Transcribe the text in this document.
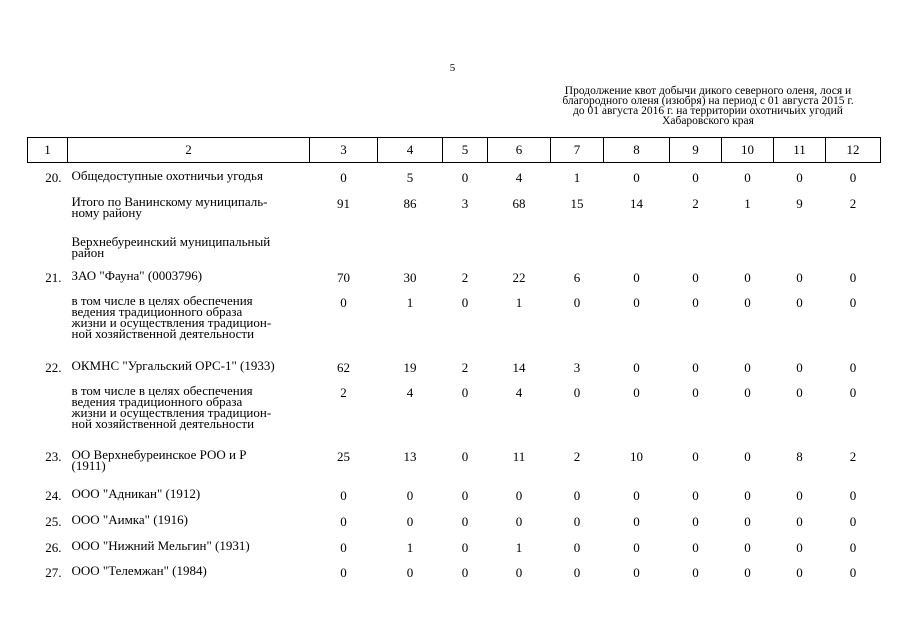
5
Продолжение квот добычи дикого северного оленя, лося и
благородного оленя (изюбря) на период с 01 августа 2015 г.
до 01 августа 2016 г. на территории охотничьих угодий
Хабаровского края
1	2	3	4	5	6	7	8	9	10	11	12
20.	Общедоступные охотничьи угодья	0	5	0	4	1	0	0	0	0	0

	Итого по Ванинскому муниципаль-
ному району	91	86	3	68	15	14	2	1	9	2

	Верхнебуреинский муниципальный
район										

21.	ЗАО "Фауна" (0003796)	70	30	2	22	6	0	0	0	0	0

	в том числе в целях обеспечения
ведения традиционного образа
жизни и осуществления традицион-
ной хозяйственной деятельности	0	1	0	1	0	0	0	0	0	0
22.	ОКМНС "Ургальский ОРС-1" (1933)	62	19	2	14	3	0	0	0	0	0

	в том числе в целях обеспечения
ведения традиционного образа
жизни и осуществления традицион-
ной хозяйственной деятельности	2	4	0	4	0	0	0	0	0	0
23.	ОО Верхнебуреинское РОО и Р
(1911)	25	13	0	11	2	10	0	0	8	2
24.	ООО "Адникан" (1912)	0	0	0	0	0	0	0	0	0	0
25.	ООО "Аимка" (1916)	0	0	0	0	0	0	0	0	0	0
26.	ООО "Нижний Мельгин" (1931)	0	1	0	1	0	0	0	0	0	0
27.	ООО "Телемжан" (1984)	0	0	0	0	0	0	0	0	0	0
